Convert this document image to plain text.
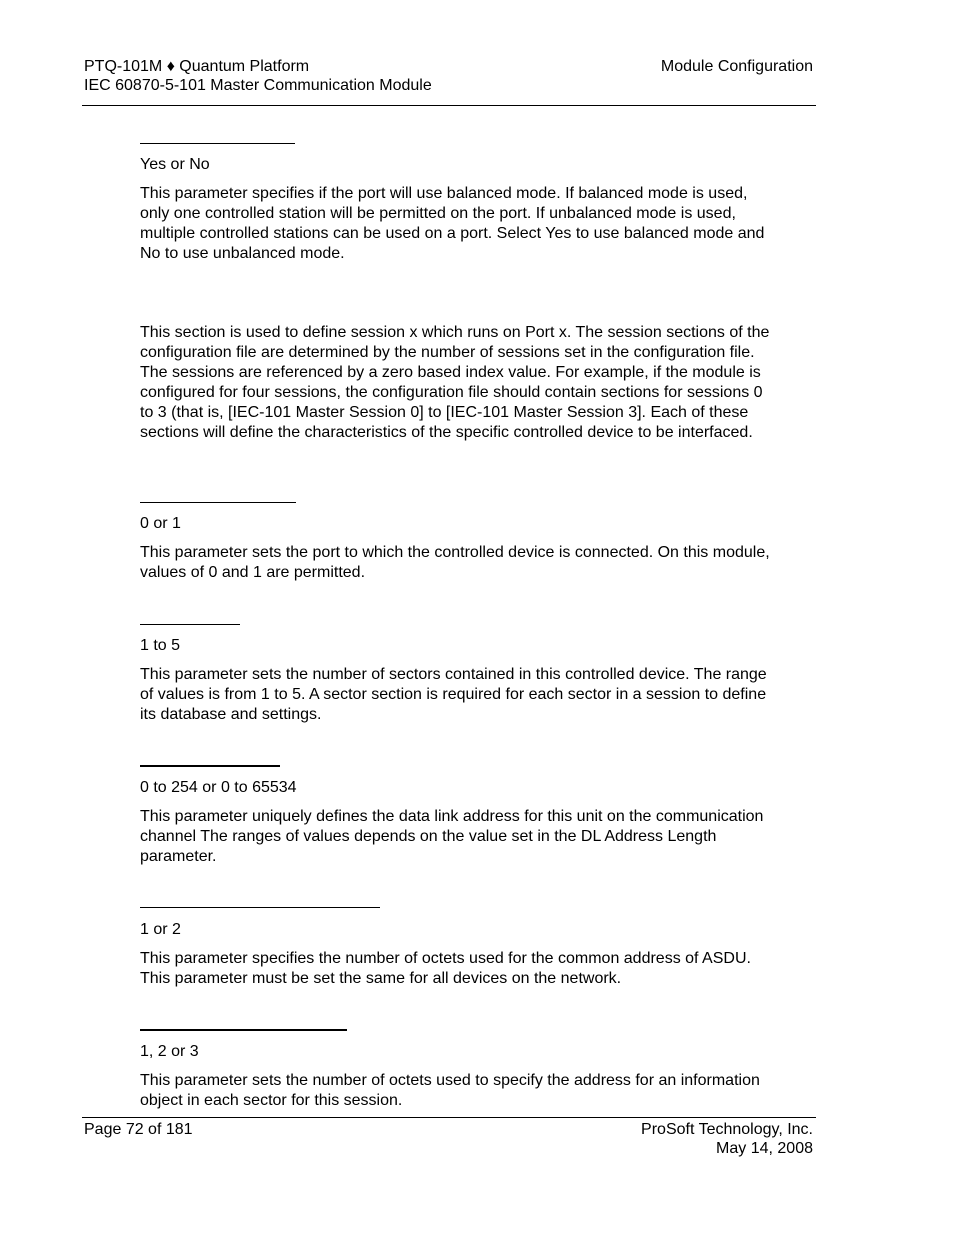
PTQ-101M ♦ Quantum Platform
IEC 60870-5-101 Master Communication Module
Module Configuration
Yes or No
This parameter specifies if the port will use balanced mode. If balanced mode is used, only one controlled station will be permitted on the port. If unbalanced mode is used, multiple controlled stations can be used on a port. Select Yes to use balanced mode and No to use unbalanced mode.
This section is used to define session x which runs on Port x. The session sections of the configuration file are determined by the number of sessions set in the configuration file. The sessions are referenced by a zero based index value. For example, if the module is configured for four sessions, the configuration file should contain sections for sessions 0 to 3 (that is, [IEC-101 Master Session 0] to [IEC-101 Master Session 3]. Each of these sections will define the characteristics of the specific controlled device to be interfaced.
0 or 1
This parameter sets the port to which the controlled device is connected. On this module, values of 0 and 1 are permitted.
1 to 5
This parameter sets the number of sectors contained in this controlled device. The range of values is from 1 to 5. A sector section is required for each sector in a session to define its database and settings.
0 to 254 or 0 to 65534
This parameter uniquely defines the data link address for this unit on the communication channel The ranges of values depends on the value set in the DL Address Length parameter.
1 or 2
This parameter specifies the number of octets used for the common address of ASDU. This parameter must be set the same for all devices on the network.
1, 2 or 3
This parameter sets the number of octets used to specify the address for an information object in each sector for this session.
Page 72 of 181	ProSoft Technology, Inc.
May 14, 2008
